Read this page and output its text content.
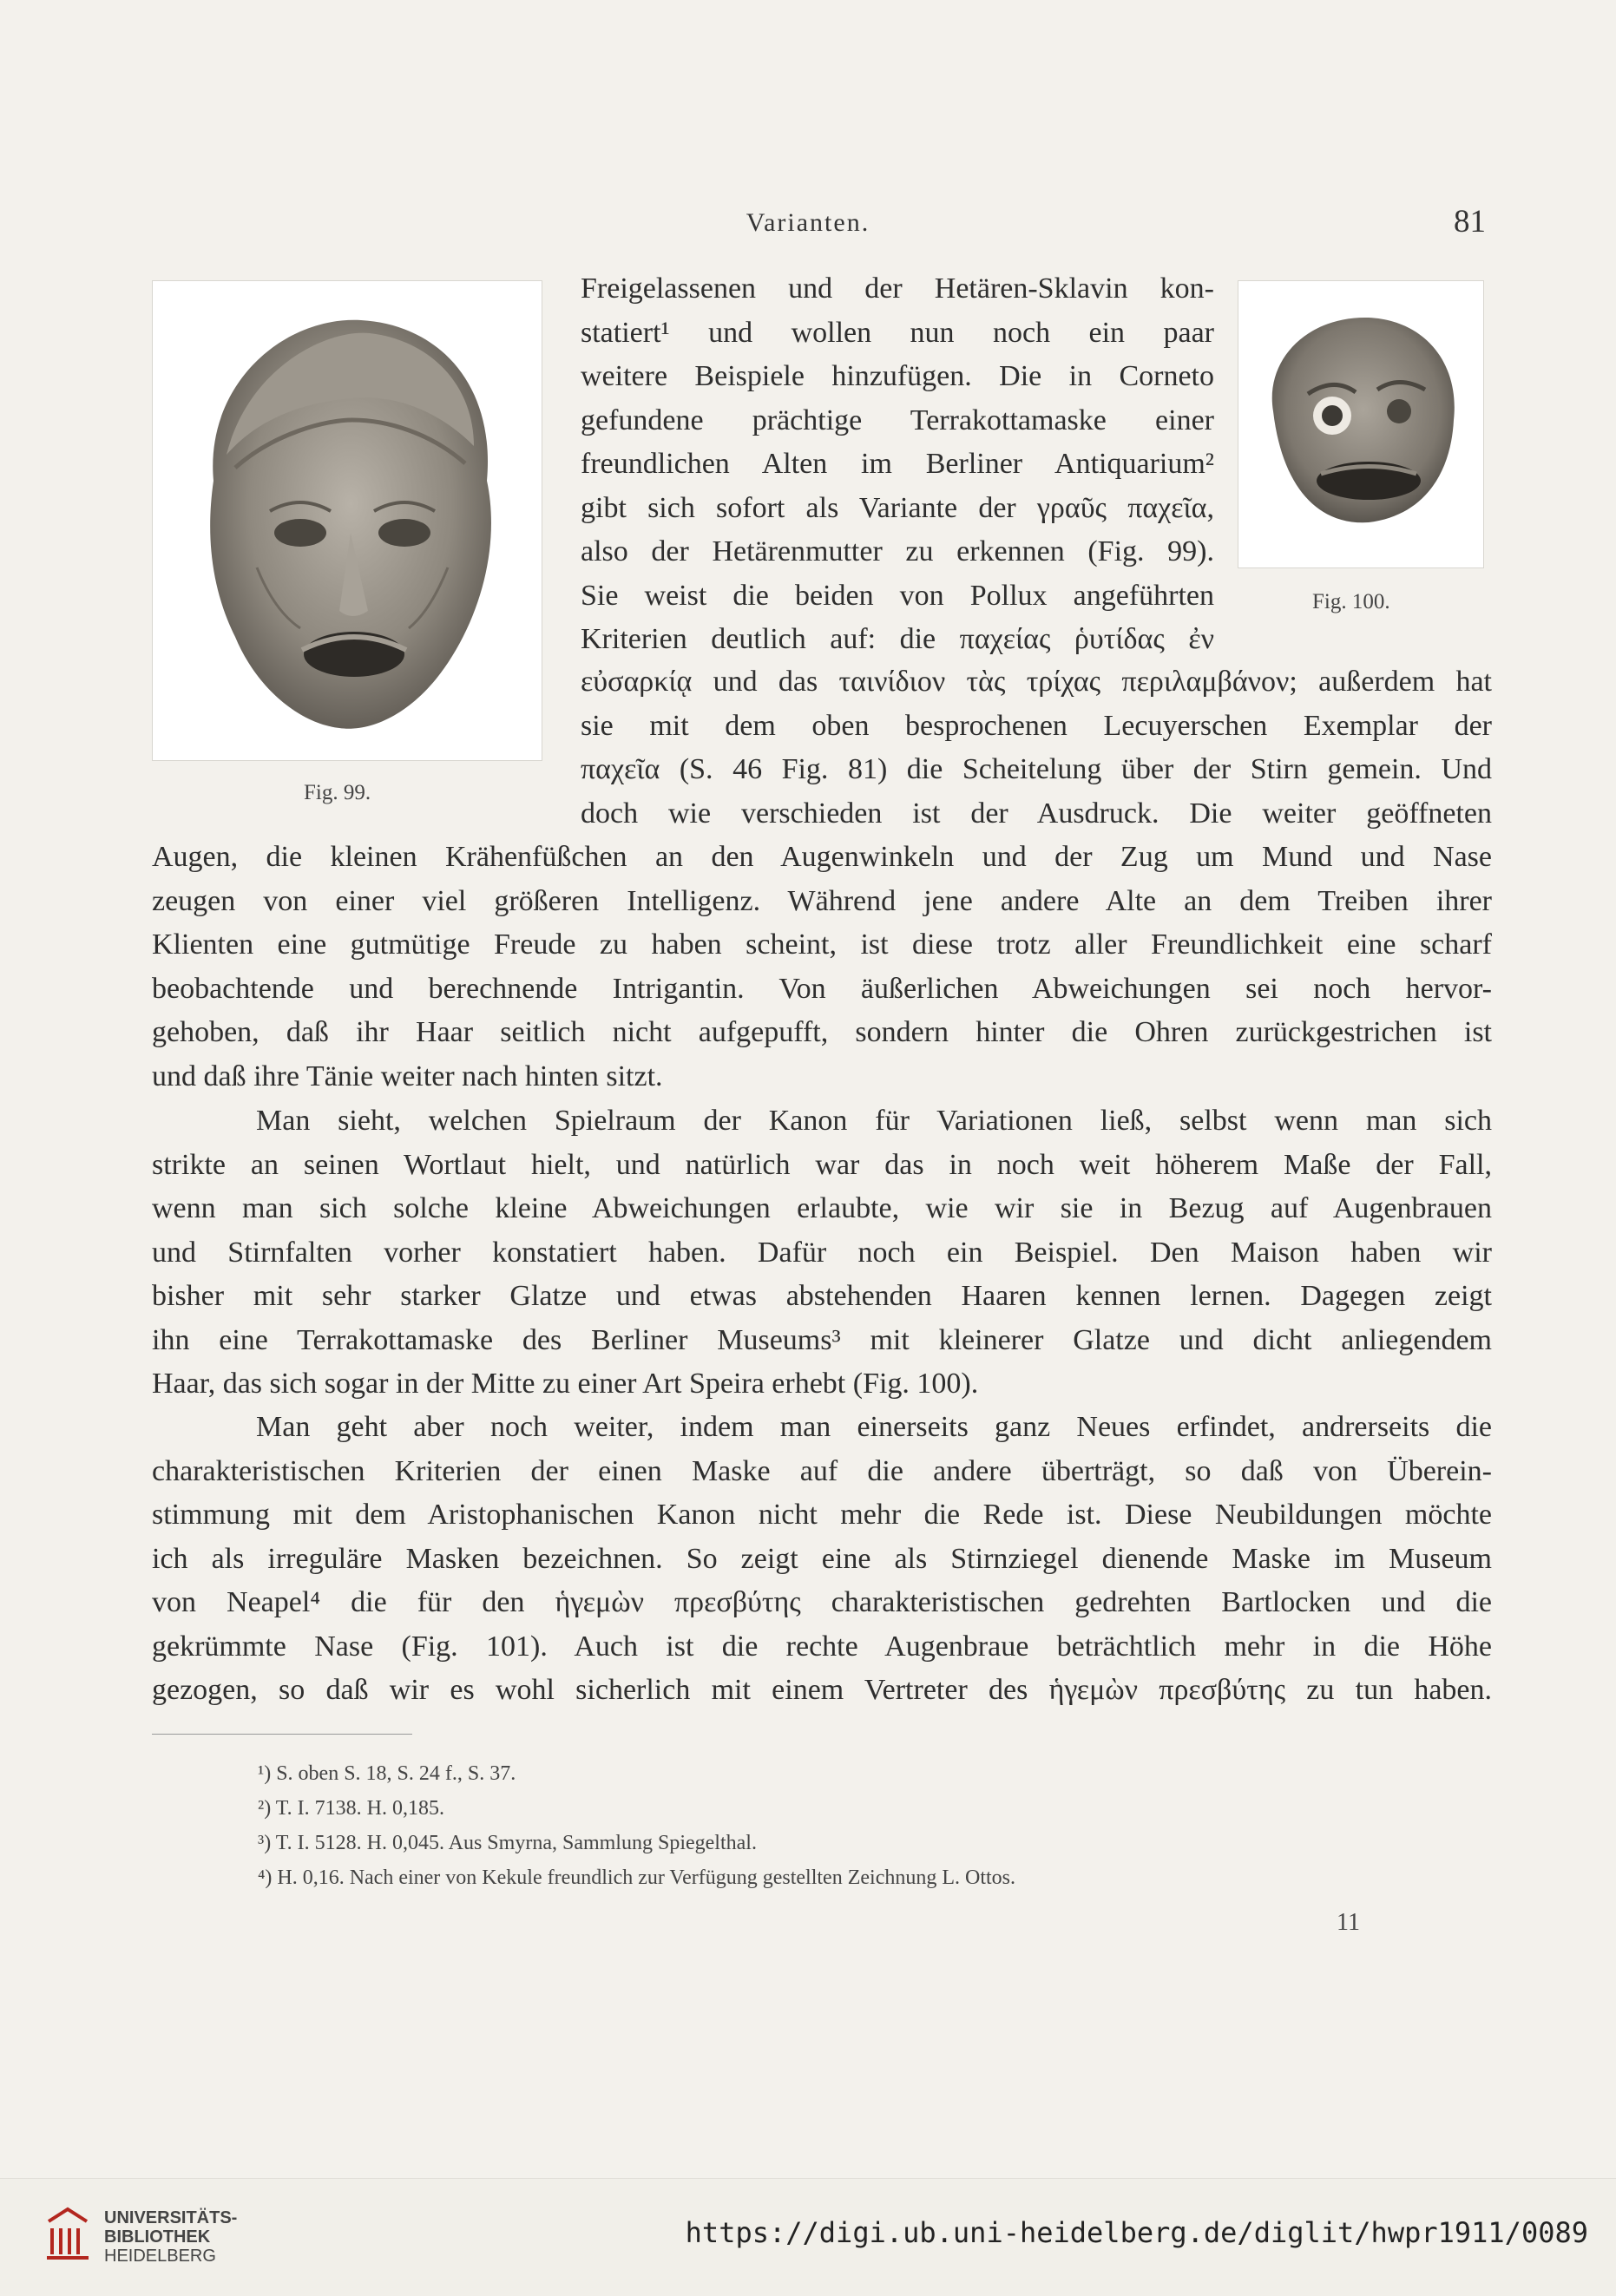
Varianten.	81
Fig. 99.
Fig. 100.
Freigelassenen und der Hetären-Sklavin kon-
statiert¹ und wollen nun noch ein paar
weitere Beispiele hinzufügen. Die in Corneto
gefundene prächtige Terrakottamaske einer
freundlichen Alten im Berliner Antiquarium²
gibt sich sofort als Variante der γραῦς παχεῖα,
also der Hetärenmutter zu erkennen (Fig. 99).
Sie weist die beiden von Pollux angeführten
Kriterien deutlich auf: die παχείας ῥυτίδας ἐν
εὐσαρκίᾳ und das ταινίδιον τὰς τρίχας περιλαμβάνον; außerdem hat
sie mit dem oben besprochenen Lecuyerschen Exemplar der
παχεῖα (S. 46 Fig. 81) die Scheitelung über der Stirn gemein. Und
doch wie verschieden ist der Ausdruck. Die weiter geöffneten
Augen, die kleinen Krähenfüßchen an den Augenwinkeln und der Zug um Mund und Nase
zeugen von einer viel größeren Intelligenz. Während jene andere Alte an dem Treiben ihrer
Klienten eine gutmütige Freude zu haben scheint, ist diese trotz aller Freundlichkeit eine scharf
beobachtende und berechnende Intrigantin. Von äußerlichen Abweichungen sei noch hervor-
gehoben, daß ihr Haar seitlich nicht aufgepufft, sondern hinter die Ohren zurückgestrichen ist
und daß ihre Tänie weiter nach hinten sitzt.
Man sieht, welchen Spielraum der Kanon für Variationen ließ, selbst wenn man sich
strikte an seinen Wortlaut hielt, und natürlich war das in noch weit höherem Maße der Fall,
wenn man sich solche kleine Abweichungen erlaubte, wie wir sie in Bezug auf Augenbrauen
und Stirnfalten vorher konstatiert haben. Dafür noch ein Beispiel. Den Maison haben wir
bisher mit sehr starker Glatze und etwas abstehenden Haaren kennen lernen. Dagegen zeigt
ihn eine Terrakottamaske des Berliner Museums³ mit kleinerer Glatze und dicht anliegendem
Haar, das sich sogar in der Mitte zu einer Art Speira erhebt (Fig. 100).
Man geht aber noch weiter, indem man einerseits ganz Neues erfindet, andrerseits die
charakteristischen Kriterien der einen Maske auf die andere überträgt, so daß von Überein-
stimmung mit dem Aristophanischen Kanon nicht mehr die Rede ist. Diese Neubildungen möchte
ich als irreguläre Masken bezeichnen. So zeigt eine als Stirnziegel dienende Maske im Museum
von Neapel⁴ die für den ἡγεμὼν πρεσβύτης charakteristischen gedrehten Bartlocken und die
gekrümmte Nase (Fig. 101). Auch ist die rechte Augenbraue beträchtlich mehr in die Höhe
gezogen, so daß wir es wohl sicherlich mit einem Vertreter des ἡγεμὼν πρεσβύτης zu tun haben.
¹) S. oben S. 18, S. 24 f., S. 37.
²) T. I. 7138. H. 0,185.
³) T. I. 5128. H. 0,045. Aus Smyrna, Sammlung Spiegelthal.
⁴) H. 0,16. Nach einer von Kekule freundlich zur Verfügung gestellten Zeichnung L. Ottos.
11
UNIVERSITÄTS-
BIBLIOTHEK
HEIDELBERG
https://digi.ub.uni-heidelberg.de/diglit/hwpr1911/0089
